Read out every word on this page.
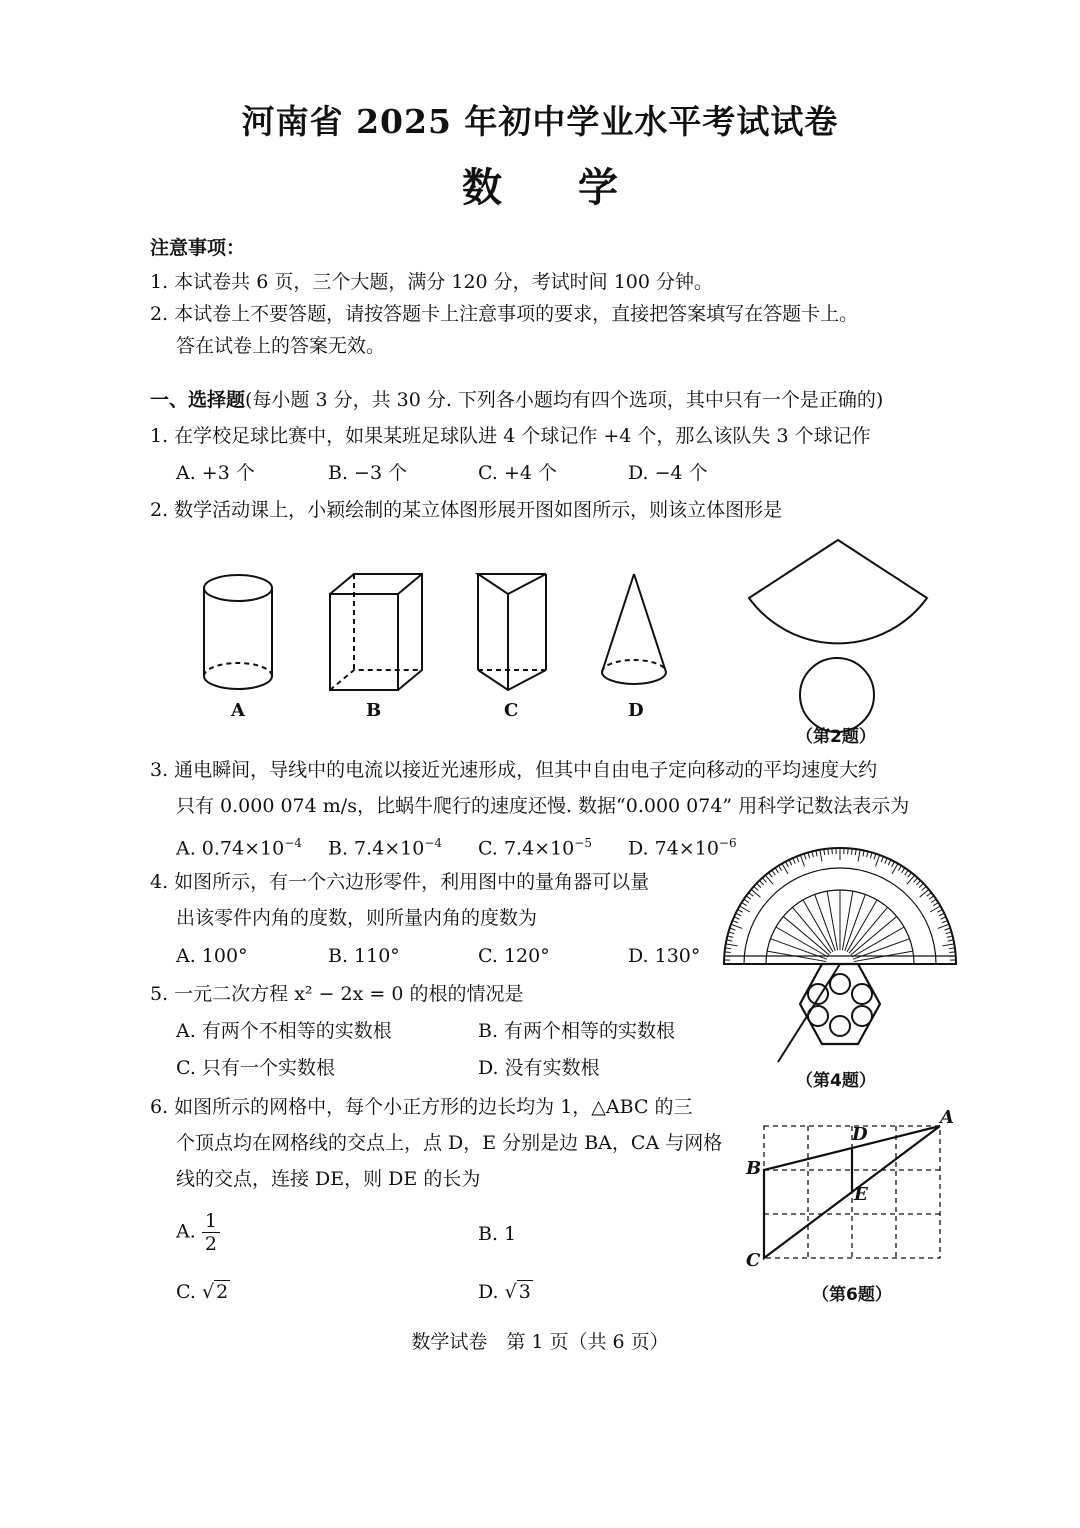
河南省 2025 年初中学业水平考试试卷
数 学
注意事项：
1. 本试卷共 6 页，三个大题，满分 120 分，考试时间 100 分钟。
2. 本试卷上不要答题，请按答题卡上注意事项的要求，直接把答案填写在答题卡上。
答在试卷上的答案无效。
一、选择题(每小题 3 分，共 30 分. 下列各小题均有四个选项，其中只有一个是正确的)
1. 在学校足球比赛中，如果某班足球队进 4 个球记作 +4 个，那么该队失 3 个球记作
A. +3 个	B. −3 个	C. +4 个	D. −4 个
2. 数学活动课上，小颖绘制的某立体图形展开图如图所示，则该立体图形是
A	B	C	D
（第2题）
3. 通电瞬间，导线中的电流以接近光速形成，但其中自由电子定向移动的平均速度大约
只有 0.000 074 m/s，比蜗牛爬行的速度还慢. 数据“0.000 074” 用科学记数法表示为
A. $0.74\times 10^{-4}$ B. $7.4\times 10^{-4}$ C. $7.4\times 10^{-5}$ D. $74\times 10^{-6}$
4. 如图所示，有一个六边形零件，利用图中的量角器可以量
出该零件内角的度数，则所量内角的度数为
A. 100°	B. 110°	C. 120°	D. 130°
（第4题）
5. 一元二次方程 x² − 2x = 0 的根的情况是
A. 有两个不相等的实数根	B. 有两个相等的实数根
C. 只有一个实数根	D. 没有实数根
6. 如图所示的网格中，每个小正方形的边长均为 1，△ABC 的三
个顶点均在网格线的交点上，点 D，E 分别是边 BA，CA 与网格
线的交点，连接 DE，则 DE 的长为
A. $\frac{1}{2}$	B. 1
C. √ 2	D. √ 3
A
B
C
D
E
（第6题）
数学试卷　第 1 页（共 6 页）
